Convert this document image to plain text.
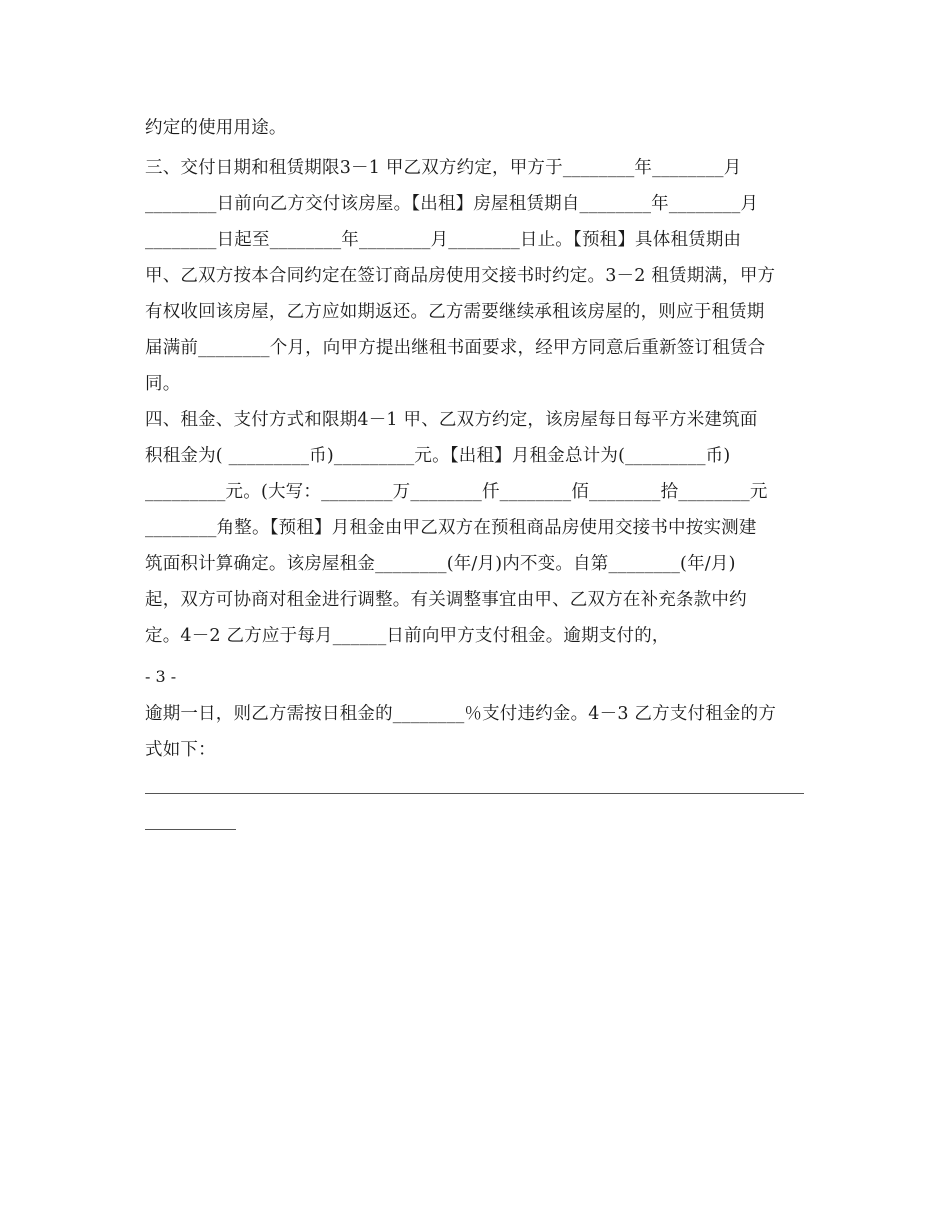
约定的使用用途。
三、交付日期和租赁期限3－1 甲乙双方约定，甲方于________年________月
________日前向乙方交付该房屋。【出租】房屋租赁期自________年________月
________日起至________年________月________日止。【预租】具体租赁期由
甲、乙双方按本合同约定在签订商品房使用交接书时约定。3－2 租赁期满，甲方
有权收回该房屋，乙方应如期返还。乙方需要继续承租该房屋的，则应于租赁期
届满前________个月，向甲方提出继租书面要求，经甲方同意后重新签订租赁合
同。
四、租金、支付方式和限期4－1 甲、乙双方约定，该房屋每日每平方米建筑面
积租金为( _________币)_________元。【出租】月租金总计为(_________币)
_________元。(大写：________万________仟________佰________拾________元
________角整。【预租】月租金由甲乙双方在预租商品房使用交接书中按实测建
筑面积计算确定。该房屋租金________(年/月)内不变。自第________(年/月)
起，双方可协商对租金进行调整。有关调整事宜由甲、乙双方在补充条款中约
定。4－2 乙方应于每月______日前向甲方支付租金。逾期支付的，
- 3 -
逾期一日，则乙方需按日租金的________％支付违约金。4－3 乙方支付租金的方
式如下：
